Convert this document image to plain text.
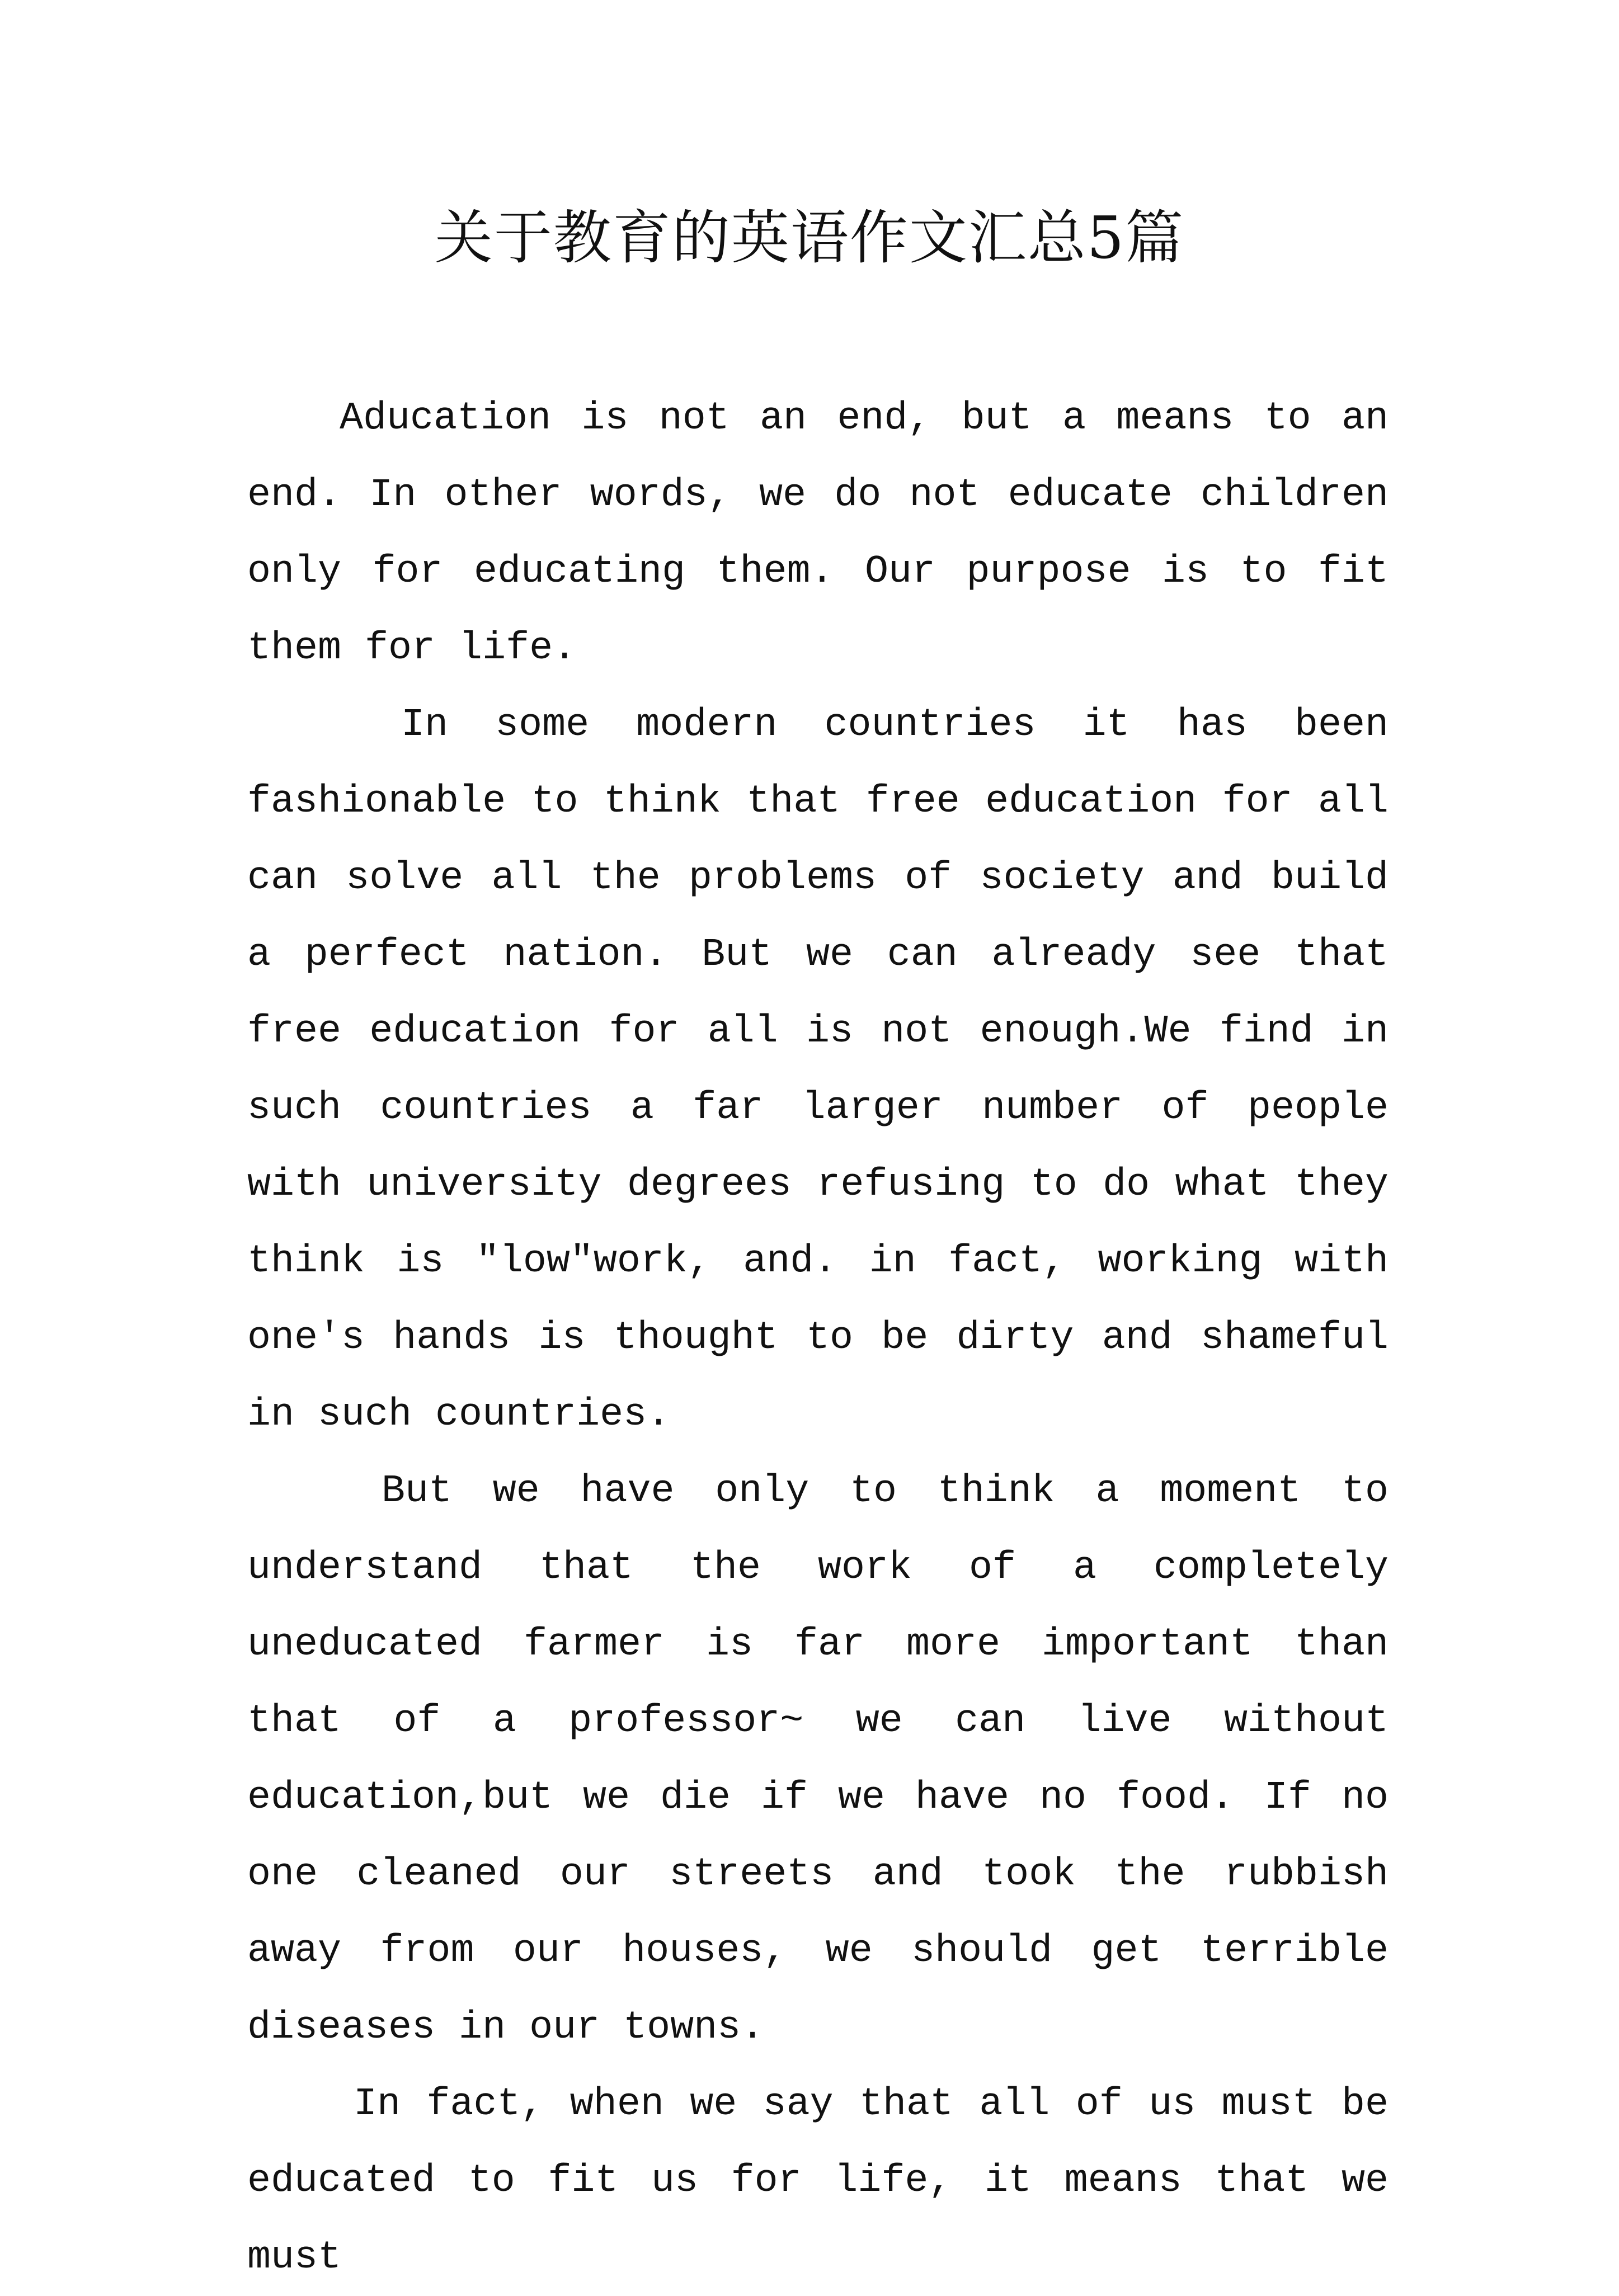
关于教育的英语作文汇总5篇

Aducation is not an end, but a means to an end. In other words, we do not educate children only for educating them. Our purpose is to fit them for life.

In some modern countries it has been fashionable to think that free education for all can solve all the problems of society and build a perfect nation. But we can already see that free education for all is not enough.We find in such countries a far larger number of people with university degrees refusing to do what they think is "low"work, and. in fact, working with one's hands is thought to be dirty and shameful in such countries.

But we have only to think a moment to understand that the work of a completely uneducated farmer is far more important than that of a professor~ we can live without education,but we die if we have no food. If no one cleaned our streets and took the rubbish away from our houses, we should get terrible diseases in our towns.

In fact, when we say that all of us must be educated to fit us for life, it means that we must
